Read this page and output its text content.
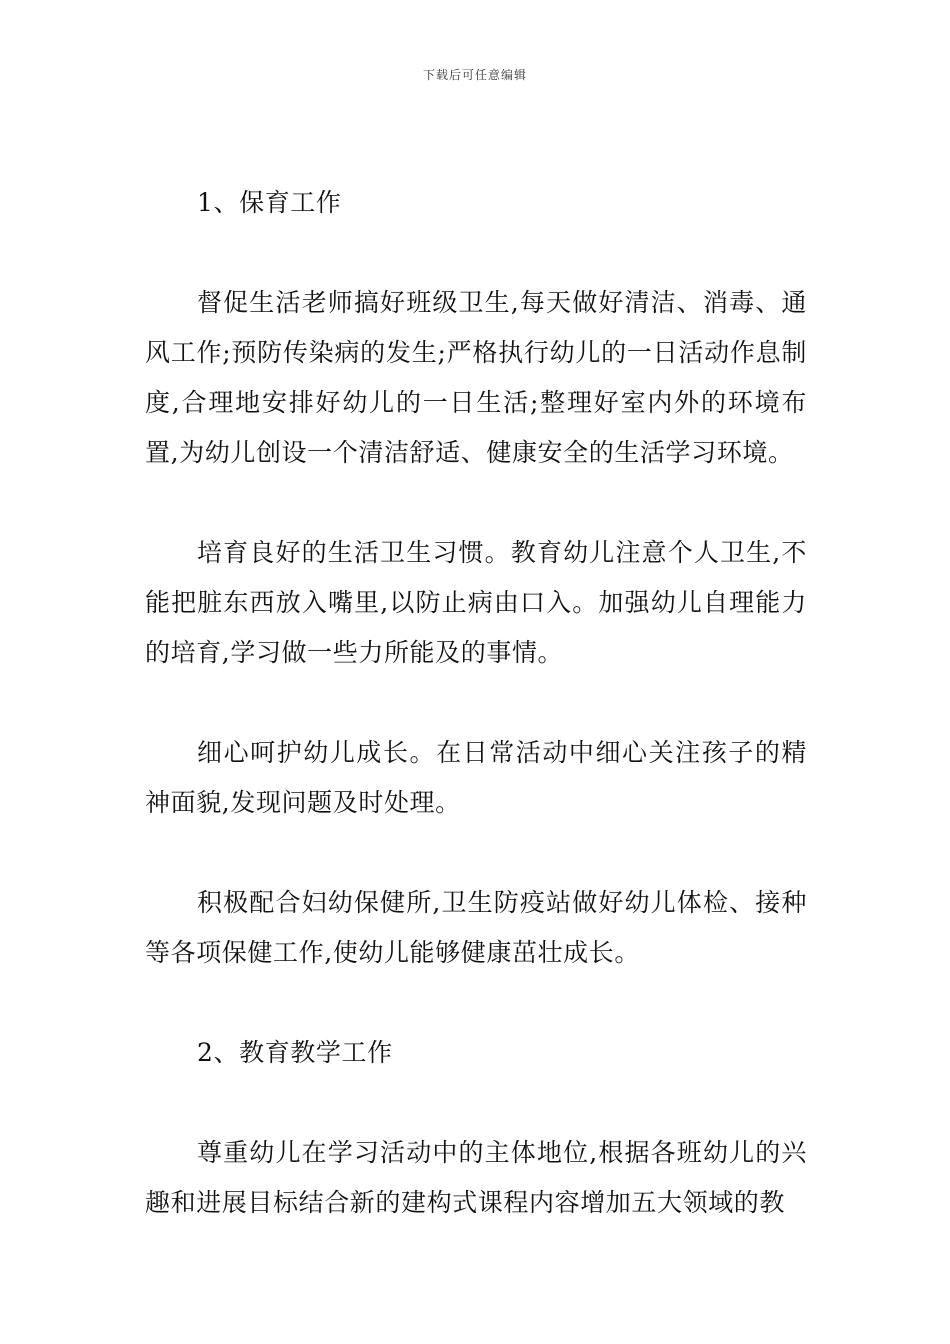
下载后可任意编辑

1、保育工作

督促生活老师搞好班级卫生,每天做好清洁、消毒、通风工作;预防传染病的发生;严格执行幼儿的一日活动作息制度,合理地安排好幼儿的一日生活;整理好室内外的环境布置,为幼儿创设一个清洁舒适、健康安全的生活学习环境。

培育良好的生活卫生习惯。教育幼儿注意个人卫生,不能把脏东西放入嘴里,以防止病由口入。加强幼儿自理能力的培育,学习做一些力所能及的事情。

细心呵护幼儿成长。在日常活动中细心关注孩子的精神面貌,发现问题及时处理。

积极配合妇幼保健所,卫生防疫站做好幼儿体检、接种等各项保健工作,使幼儿能够健康茁壮成长。

2、教育教学工作

尊重幼儿在学习活动中的主体地位,根据各班幼儿的兴趣和进展目标结合新的建构式课程内容增加五大领域的教
